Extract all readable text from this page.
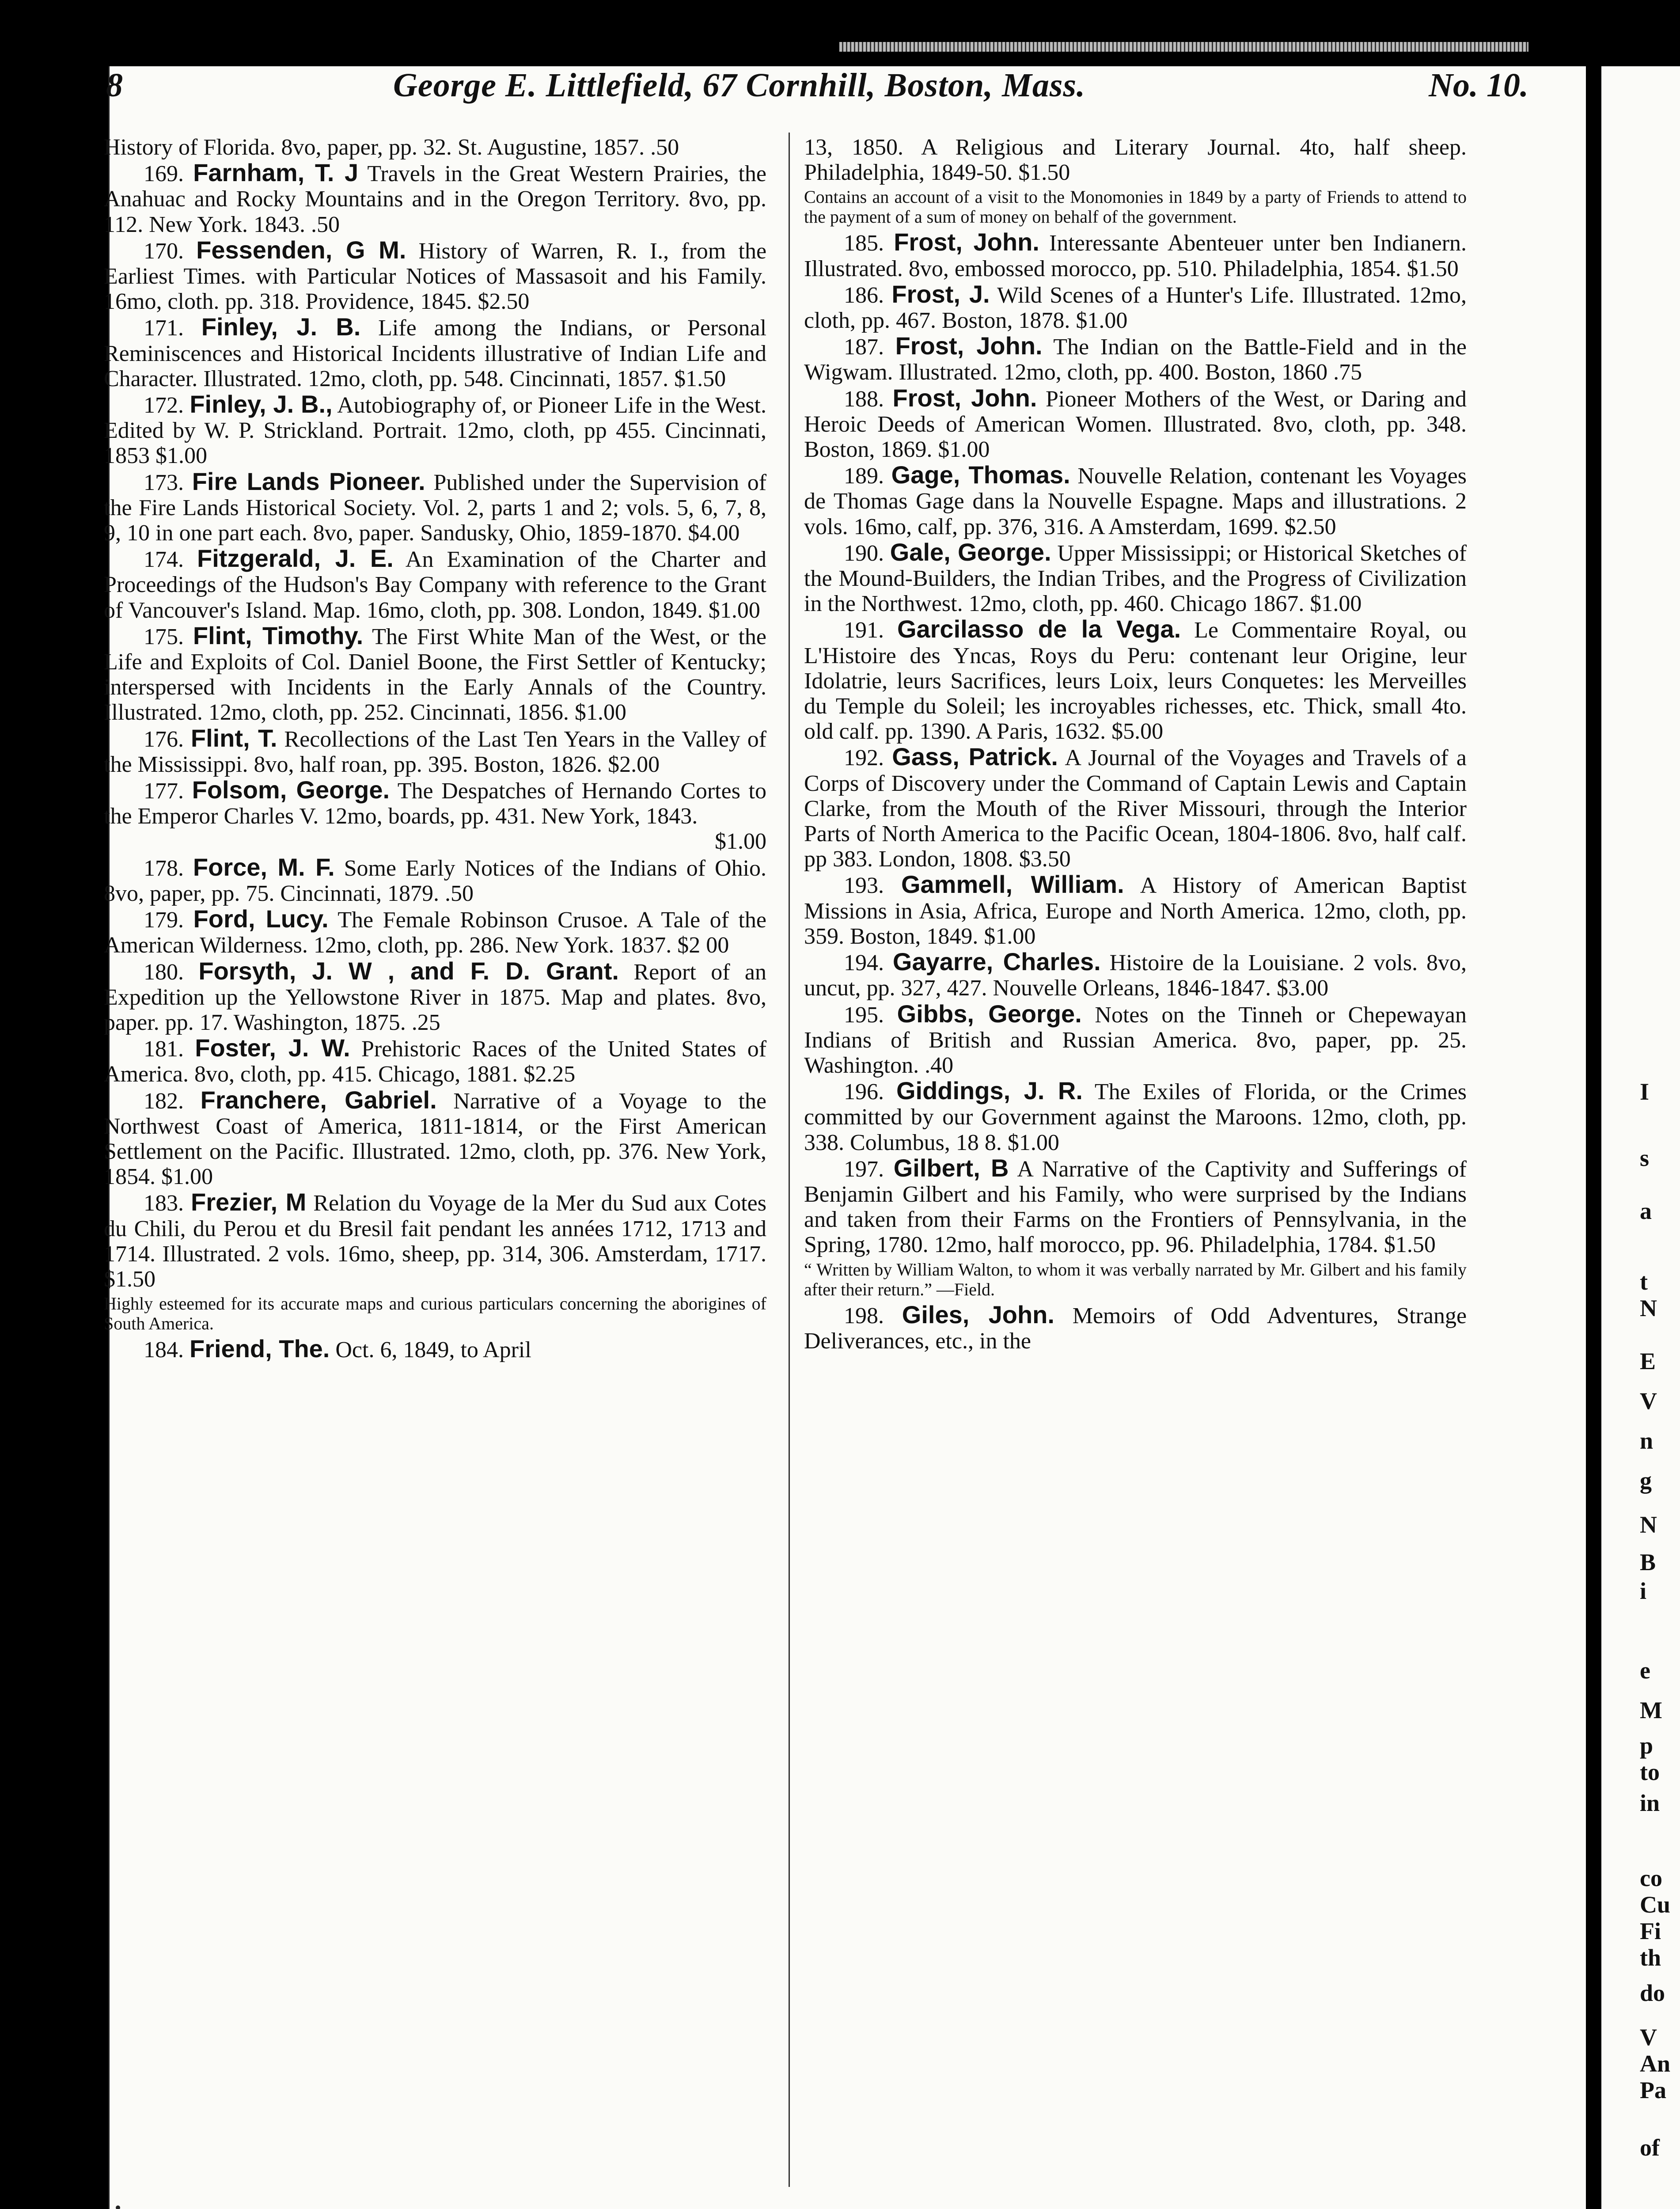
8	George E. Littlefield, 67 Cornhill, Boston, Mass.	No. 10.

History of Florida. 8vo, paper, pp. 32. St. Augustine, 1857. .50

169. Farnham, T. J Travels in the Great Western Prairies, the Anahuac and Rocky Mountains and in the Oregon Territory. 8vo, pp. 112. New York. 1843. .50

170. Fessenden, G M. History of Warren, R. I., from the Earliest Times. with Particular Notices of Massasoit and his Family. 16mo, cloth. pp. 318. Providence, 1845. $2.50

171. Finley, J. B. Life among the Indians, or Personal Reminiscences and Historical Incidents illustrative of Indian Life and Character. Illustrated. 12mo, cloth, pp. 548. Cincinnati, 1857. $1.50

172. Finley, J. B., Autobiography of, or Pioneer Life in the West. Edited by W. P. Strickland. Portrait. 12mo, cloth, pp 455. Cincinnati, 1853 $1.00

173. Fire Lands Pioneer. Published under the Supervision of the Fire Lands Historical Society. Vol. 2, parts 1 and 2; vols. 5, 6, 7, 8, 9, 10 in one part each. 8vo, paper. Sandusky, Ohio, 1859-1870. $4.00

174. Fitzgerald, J. E. An Examination of the Charter and Proceedings of the Hudson's Bay Company with reference to the Grant of Vancouver's Island. Map. 16mo, cloth, pp. 308. London, 1849. $1.00

175. Flint, Timothy. The First White Man of the West, or the Life and Exploits of Col. Daniel Boone, the First Settler of Kentucky; interspersed with Incidents in the Early Annals of the Country. Illustrated. 12mo, cloth, pp. 252. Cincinnati, 1856. $1.00

176. Flint, T. Recollections of the Last Ten Years in the Valley of the Mississippi. 8vo, half roan, pp. 395. Boston, 1826. $2.00

177. Folsom, George. The Despatches of Hernando Cortes to the Emperor Charles V. 12mo, boards, pp. 431. New York, 1843.
$1.00

178. Force, M. F. Some Early Notices of the Indians of Ohio. 8vo, paper, pp. 75. Cincinnati, 1879. .50

179. Ford, Lucy. The Female Robinson Crusoe. A Tale of the American Wilderness. 12mo, cloth, pp. 286. New York. 1837. $2 00

180. Forsyth, J. W , and F. D. Grant. Report of an Expedition up the Yellowstone River in 1875. Map and plates. 8vo, paper. pp. 17. Washington, 1875. .25

181. Foster, J. W. Prehistoric Races of the United States of America. 8vo, cloth, pp. 415. Chicago, 1881. $2.25

182. Franchere, Gabriel. Narrative of a Voyage to the Northwest Coast of America, 1811-1814, or the First American Settlement on the Pacific. Illustrated. 12mo, cloth, pp. 376. New York, 1854. $1.00

183. Frezier, M Relation du Voyage de la Mer du Sud aux Cotes du Chili, du Perou et du Bresil fait pendant les années 1712, 1713 and 1714. Illustrated. 2 vols. 16mo, sheep, pp. 314, 306. Amsterdam, 1717. $1.50

Highly esteemed for its accurate maps and curious particulars concerning the aborigines of South America.

184. Friend, The. Oct. 6, 1849, to April

13, 1850. A Religious and Literary Journal. 4to, half sheep. Philadelphia, 1849-50. $1.50

Contains an account of a visit to the Monomonies in 1849 by a party of Friends to attend to the payment of a sum of money on behalf of the government.

185. Frost, John. Interessante Abenteuer unter ben Indianern. Illustrated. 8vo, embossed morocco, pp. 510. Philadelphia, 1854. $1.50

186. Frost, J. Wild Scenes of a Hunter's Life. Illustrated. 12mo, cloth, pp. 467. Boston, 1878. $1.00

187. Frost, John. The Indian on the Battle-Field and in the Wigwam. Illustrated. 12mo, cloth, pp. 400. Boston, 1860 .75

188. Frost, John. Pioneer Mothers of the West, or Daring and Heroic Deeds of American Women. Illustrated. 8vo, cloth, pp. 348. Boston, 1869. $1.00

189. Gage, Thomas. Nouvelle Relation, contenant les Voyages de Thomas Gage dans la Nouvelle Espagne. Maps and illustrations. 2 vols. 16mo, calf, pp. 376, 316. A Amsterdam, 1699. $2.50

190. Gale, George. Upper Mississippi; or Historical Sketches of the Mound-Builders, the Indian Tribes, and the Progress of Civilization in the Northwest. 12mo, cloth, pp. 460. Chicago 1867. $1.00

191. Garcilasso de la Vega. Le Commentaire Royal, ou L'Histoire des Yncas, Roys du Peru: contenant leur Origine, leur Idolatrie, leurs Sacrifices, leurs Loix, leurs Conquetes: les Merveilles du Temple du Soleil; les incroyables richesses, etc. Thick, small 4to. old calf. pp. 1390. A Paris, 1632. $5.00

192. Gass, Patrick. A Journal of the Voyages and Travels of a Corps of Discovery under the Command of Captain Lewis and Captain Clarke, from the Mouth of the River Missouri, through the Interior Parts of North America to the Pacific Ocean, 1804-1806. 8vo, half calf. pp 383. London, 1808. $3.50

193. Gammell, William. A History of American Baptist Missions in Asia, Africa, Europe and North America. 12mo, cloth, pp. 359. Boston, 1849. $1.00

194. Gayarre, Charles. Histoire de la Louisiane. 2 vols. 8vo, uncut, pp. 327, 427. Nouvelle Orleans, 1846-1847. $3.00

195. Gibbs, George. Notes on the Tinneh or Chepewayan Indians of British and Russian America. 8vo, paper, pp. 25. Washington. .40

196. Giddings, J. R. The Exiles of Florida, or the Crimes committed by our Government against the Maroons. 12mo, cloth, pp. 338. Columbus, 18 8. $1.00

197. Gilbert, B A Narrative of the Captivity and Sufferings of Benjamin Gilbert and his Family, who were surprised by the Indians and taken from their Farms on the Frontiers of Pennsylvania, in the Spring, 1780. 12mo, half morocco, pp. 96. Philadelphia, 1784. $1.50

“ Written by William Walton, to whom it was verbally narrated by Mr. Gilbert and his family after their return.” —Field.

198. Giles, John. Memoirs of Odd Adventures, Strange Deliverances, etc., in the

I
s
a
t
N
E
V
n
g
N
B
i
e
M
p
to
in
co
Cu
Fi
th
do
V
An
Pa
of
